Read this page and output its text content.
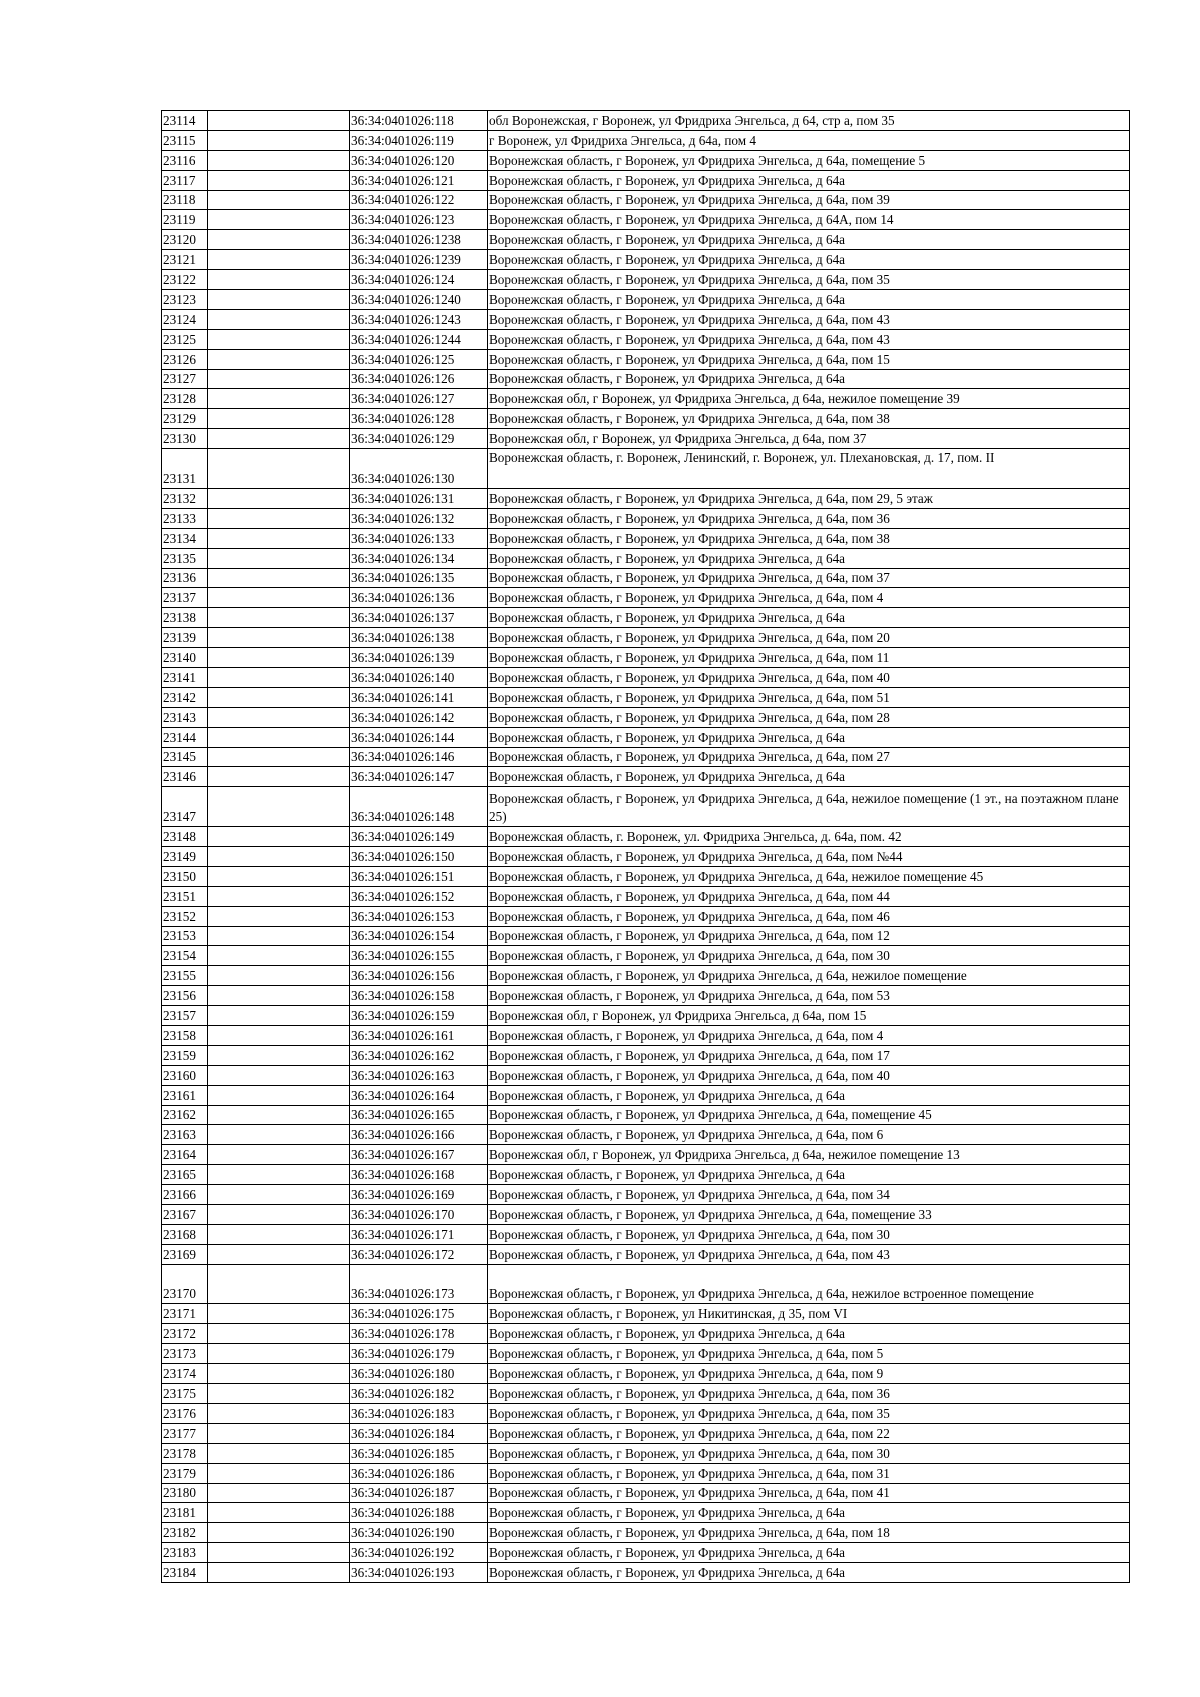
23114		36:34:0401026:118	обл Воронежская, г Воронеж, ул Фридриха Энгельса, д 64, стр а, пом 35
23115		36:34:0401026:119	г Воронеж, ул Фридриха Энгельса, д 64а, пом 4
23116		36:34:0401026:120	Воронежская область, г Воронеж, ул Фридриха Энгельса, д 64а, помещение 5
23117		36:34:0401026:121	Воронежская область, г Воронеж, ул Фридриха Энгельса, д 64а
23118		36:34:0401026:122	Воронежская область, г Воронеж, ул Фридриха Энгельса, д 64а, пом 39
23119		36:34:0401026:123	Воронежская область, г Воронеж, ул Фридриха Энгельса, д 64А, пом 14
23120		36:34:0401026:1238	Воронежская область, г Воронеж, ул Фридриха Энгельса, д 64а
23121		36:34:0401026:1239	Воронежская область, г Воронеж, ул Фридриха Энгельса, д 64а
23122		36:34:0401026:124	Воронежская область, г Воронеж, ул Фридриха Энгельса, д 64а, пом 35
23123		36:34:0401026:1240	Воронежская область, г Воронеж, ул Фридриха Энгельса, д 64а
23124		36:34:0401026:1243	Воронежская область, г Воронеж, ул Фридриха Энгельса, д 64а, пом 43
23125		36:34:0401026:1244	Воронежская область, г Воронеж, ул Фридриха Энгельса, д 64а, пом 43
23126		36:34:0401026:125	Воронежская область, г Воронеж, ул Фридриха Энгельса, д 64а, пом 15
23127		36:34:0401026:126	Воронежская область, г Воронеж, ул Фридриха Энгельса, д 64а
23128		36:34:0401026:127	Воронежская обл, г Воронеж, ул Фридриха Энгельса, д 64а, нежилое помещение 39
23129		36:34:0401026:128	Воронежская область, г Воронеж, ул Фридриха Энгельса, д 64а, пом 38
23130		36:34:0401026:129	Воронежская обл, г Воронеж, ул Фридриха Энгельса, д 64а, пом 37
23131		36:34:0401026:130	Воронежская область, г. Воронеж, Ленинский, г. Воронеж, ул. Плехановская, д. 17, пом. II
23132		36:34:0401026:131	Воронежская область, г Воронеж, ул Фридриха Энгельса, д 64а, пом 29, 5 этаж
23133		36:34:0401026:132	Воронежская область, г Воронеж, ул Фридриха Энгельса, д 64а, пом 36
23134		36:34:0401026:133	Воронежская область, г Воронеж, ул Фридриха Энгельса, д 64а, пом 38
23135		36:34:0401026:134	Воронежская область, г Воронеж, ул Фридриха Энгельса, д 64а
23136		36:34:0401026:135	Воронежская область, г Воронеж, ул Фридриха Энгельса, д 64а, пом 37
23137		36:34:0401026:136	Воронежская область, г Воронеж, ул Фридриха Энгельса, д 64а, пом 4
23138		36:34:0401026:137	Воронежская область, г Воронеж, ул Фридриха Энгельса, д 64а
23139		36:34:0401026:138	Воронежская область, г Воронеж, ул Фридриха Энгельса, д 64а, пом 20
23140		36:34:0401026:139	Воронежская область, г Воронеж, ул Фридриха Энгельса, д 64а, пом 11
23141		36:34:0401026:140	Воронежская область, г Воронеж, ул Фридриха Энгельса, д 64а, пом 40
23142		36:34:0401026:141	Воронежская область, г Воронеж, ул Фридриха Энгельса, д 64а, пом 51
23143		36:34:0401026:142	Воронежская область, г Воронеж, ул Фридриха Энгельса, д 64а, пом 28
23144		36:34:0401026:144	Воронежская область, г Воронеж, ул Фридриха Энгельса, д 64а
23145		36:34:0401026:146	Воронежская область, г Воронеж, ул Фридриха Энгельса, д 64а, пом 27
23146		36:34:0401026:147	Воронежская область, г Воронеж, ул Фридриха Энгельса, д 64а
23147		36:34:0401026:148	Воронежская область, г Воронеж, ул Фридриха Энгельса, д 64а, нежилое помещение (1 эт., на поэтажном плане 25)
23148		36:34:0401026:149	Воронежская область, г. Воронеж, ул. Фридриха Энгельса, д. 64а, пом. 42
23149		36:34:0401026:150	Воронежская область, г Воронеж, ул Фридриха Энгельса, д 64а, пом №44
23150		36:34:0401026:151	Воронежская область, г Воронеж, ул Фридриха Энгельса, д 64а, нежилое помещение 45
23151		36:34:0401026:152	Воронежская область, г Воронеж, ул Фридриха Энгельса, д 64а, пом 44
23152		36:34:0401026:153	Воронежская область, г Воронеж, ул Фридриха Энгельса, д 64а, пом 46
23153		36:34:0401026:154	Воронежская область, г Воронеж, ул Фридриха Энгельса, д 64а, пом 12
23154		36:34:0401026:155	Воронежская область, г Воронеж, ул Фридриха Энгельса, д 64а, пом 30
23155		36:34:0401026:156	Воронежская область, г Воронеж, ул Фридриха Энгельса, д 64а, нежилое помещение
23156		36:34:0401026:158	Воронежская область, г Воронеж, ул Фридриха Энгельса, д 64а, пом 53
23157		36:34:0401026:159	Воронежская обл, г Воронеж, ул Фридриха Энгельса, д 64а, пом 15
23158		36:34:0401026:161	Воронежская область, г Воронеж, ул Фридриха Энгельса, д 64а, пом 4
23159		36:34:0401026:162	Воронежская область, г Воронеж, ул Фридриха Энгельса, д 64а, пом 17
23160		36:34:0401026:163	Воронежская область, г Воронеж, ул Фридриха Энгельса, д 64а, пом 40
23161		36:34:0401026:164	Воронежская область, г Воронеж, ул Фридриха Энгельса, д 64а
23162		36:34:0401026:165	Воронежская область, г Воронеж, ул Фридриха Энгельса, д 64а, помещение 45
23163		36:34:0401026:166	Воронежская область, г Воронеж, ул Фридриха Энгельса, д 64а, пом 6
23164		36:34:0401026:167	Воронежская обл, г Воронеж, ул Фридриха Энгельса, д 64а, нежилое помещение 13
23165		36:34:0401026:168	Воронежская область, г Воронеж, ул Фридриха Энгельса, д 64а
23166		36:34:0401026:169	Воронежская область, г Воронеж, ул Фридриха Энгельса, д 64а, пом 34
23167		36:34:0401026:170	Воронежская область, г Воронеж, ул Фридриха Энгельса, д 64а, помещение 33
23168		36:34:0401026:171	Воронежская область, г Воронеж, ул Фридриха Энгельса, д 64а, пом 30
23169		36:34:0401026:172	Воронежская область, г Воронеж, ул Фридриха Энгельса, д 64а, пом 43
23170		36:34:0401026:173	Воронежская область, г Воронеж, ул Фридриха Энгельса, д 64а, нежилое встроенное помещение
23171		36:34:0401026:175	Воронежская область, г Воронеж, ул Никитинская, д 35, пом VI
23172		36:34:0401026:178	Воронежская область, г Воронеж, ул Фридриха Энгельса, д 64а
23173		36:34:0401026:179	Воронежская область, г Воронеж, ул Фридриха Энгельса, д 64а, пом 5
23174		36:34:0401026:180	Воронежская область, г Воронеж, ул Фридриха Энгельса, д 64а, пом 9
23175		36:34:0401026:182	Воронежская область, г Воронеж, ул Фридриха Энгельса, д 64а, пом 36
23176		36:34:0401026:183	Воронежская область, г Воронеж, ул Фридриха Энгельса, д 64а, пом 35
23177		36:34:0401026:184	Воронежская область, г Воронеж, ул Фридриха Энгельса, д 64а, пом 22
23178		36:34:0401026:185	Воронежская область, г Воронеж, ул Фридриха Энгельса, д 64а, пом 30
23179		36:34:0401026:186	Воронежская область, г Воронеж, ул Фридриха Энгельса, д 64а, пом 31
23180		36:34:0401026:187	Воронежская область, г Воронеж, ул Фридриха Энгельса, д 64а, пом 41
23181		36:34:0401026:188	Воронежская область, г Воронеж, ул Фридриха Энгельса, д 64а
23182		36:34:0401026:190	Воронежская область, г Воронеж, ул Фридриха Энгельса, д 64а, пом 18
23183		36:34:0401026:192	Воронежская область, г Воронеж, ул Фридриха Энгельса, д 64а
23184		36:34:0401026:193	Воронежская область, г Воронеж, ул Фридриха Энгельса, д 64а
